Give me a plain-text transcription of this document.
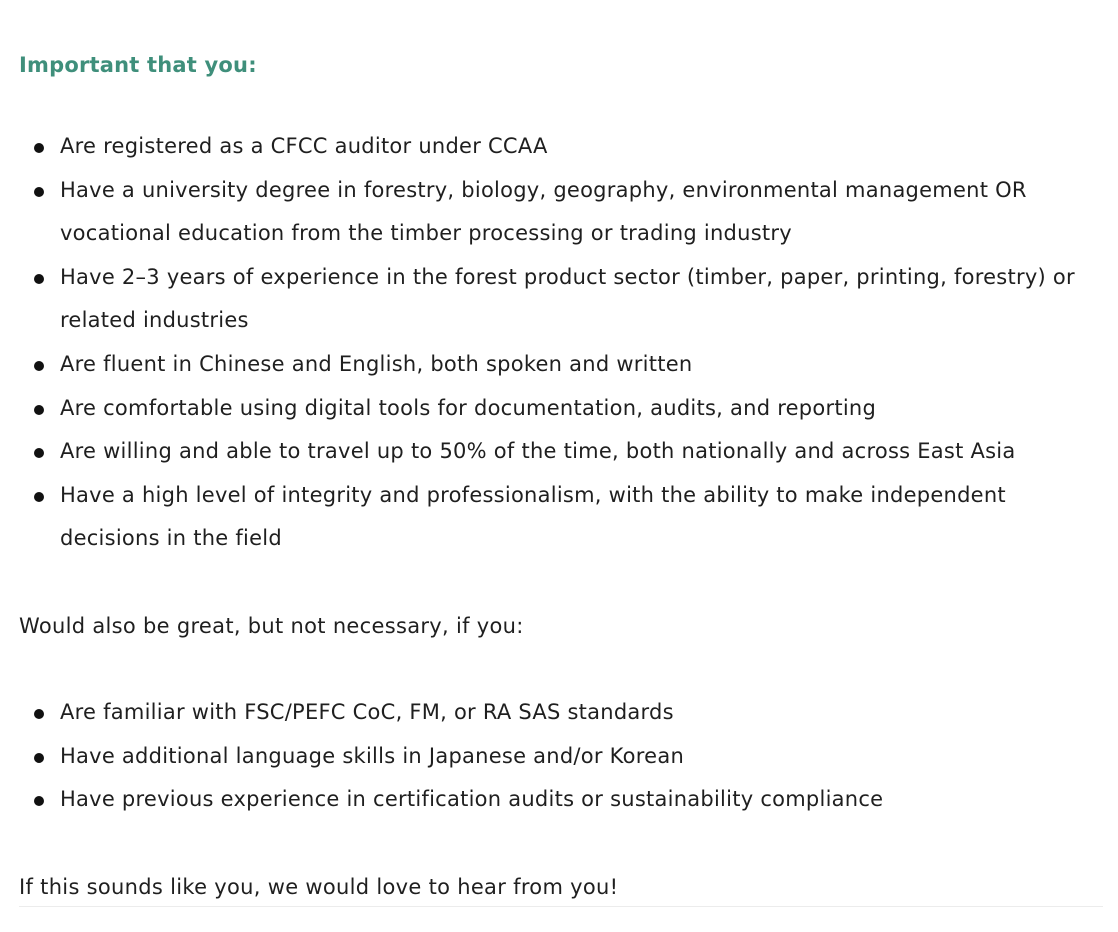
Important that you:
Are registered as a CFCC auditor under CCAA
Have a university degree in forestry, biology, geography, environmental management OR vocational education from the timber processing or trading industry
Have 2–3 years of experience in the forest product sector (timber, paper, printing, forestry) or related industries
Are fluent in Chinese and English, both spoken and written
Are comfortable using digital tools for documentation, audits, and reporting
Are willing and able to travel up to 50% of the time, both nationally and across East Asia
Have a high level of integrity and professionalism, with the ability to make independent decisions in the field

Would also be great, but not necessary, if you:

Are familiar with FSC/PEFC CoC, FM, or RA SAS standards
Have additional language skills in Japanese and/or Korean
Have previous experience in certification audits or sustainability compliance

If this sounds like you, we would love to hear from you!
